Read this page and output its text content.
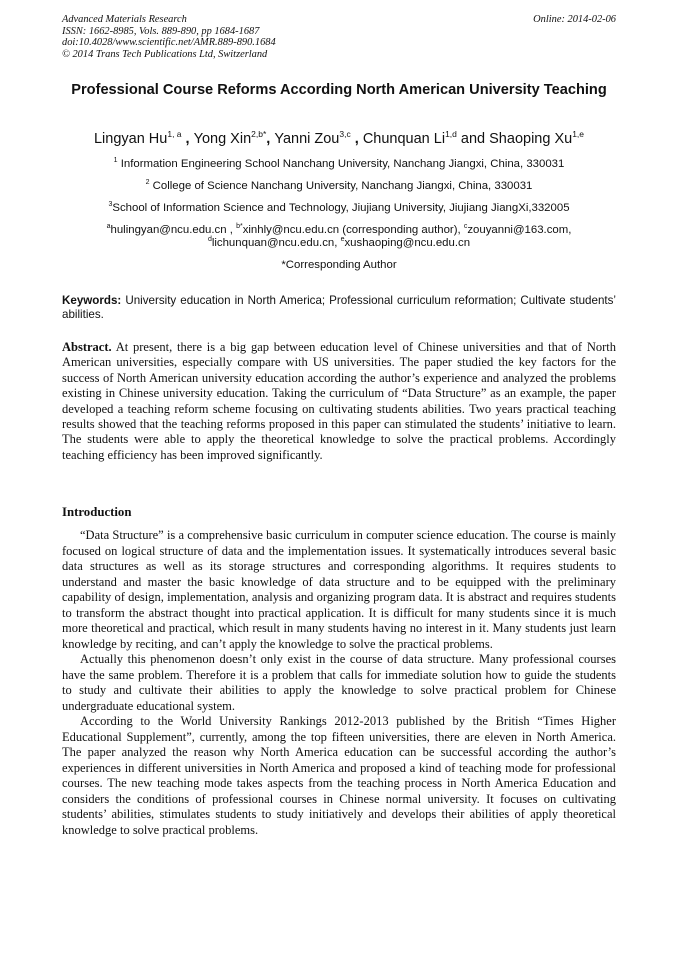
Advanced Materials Research
ISSN: 1662-8985, Vols. 889-890, pp 1684-1687
doi:10.4028/www.scientific.net/AMR.889-890.1684
© 2014 Trans Tech Publications Ltd, Switzerland
Online: 2014-02-06
Professional Course Reforms According North American University Teaching
Lingyan Hu$^{1, a}$ , Yong Xin$^{2,b*}$, Yanni Zou$^{3,c}$ , Chunquan Li$^{1,d}$ and Shaoping Xu$^{1,e}$
$^1$ Information Engineering School Nanchang University, Nanchang Jiangxi, China, 330031
$^2$ College of Science Nanchang University, Nanchang Jiangxi, China, 330031
$^3$School of Information Science and Technology, Jiujiang University, Jiujiang JiangXi,332005
$^a$hulingyan@ncu.edu.cn , $^{b*}$xinhly@ncu.edu.cn (corresponding author), $^c$zouyanni@163.com,
$^d$lichunquan@ncu.edu.cn, $^e$xushaoping@ncu.edu.cn
*Corresponding Author
Keywords: University education in North America; Professional curriculum reformation; Cultivate students’ abilities.
Abstract. At present, there is a big gap between education level of Chinese universities and that of North American universities, especially compare with US universities. The paper studied the key factors for the success of North American university education according the author’s experience and analyzed the problems existing in Chinese university education. Taking the curriculum of “Data Structure” as an example, the paper developed a teaching reform scheme focusing on cultivating students abilities. Two years practical teaching results showed that the teaching reforms proposed in this paper can stimulated the students’ initiative to learn. The students were able to apply the theoretical knowledge to solve the practical problems. Accordingly teaching efficiency has been improved significantly.
Introduction

“Data Structure” is a comprehensive basic curriculum in computer science education. The course is mainly focused on logical structure of data and the implementation issues. It systematically introduces several basic data structures as well as its storage structures and corresponding algorithms. It requires students to understand and master the basic knowledge of data structure and to be equipped with the preliminary capability of design, implementation, analysis and organizing program data. It is abstract and requires students to transform the abstract thought into practical application. It is difficult for many students since it is much more theoretical and practical, which result in many students having no interest in it. Many students just learn knowledge by reciting, and can’t apply the knowledge to solve the practical problems.

Actually this phenomenon doesn’t only exist in the course of data structure. Many professional courses have the same problem. Therefore it is a problem that calls for immediate solution how to guide the students to study and cultivate their abilities to apply the knowledge to solve practical problem for Chinese undergraduate educational system.

According to the World University Rankings 2012-2013 published by the British “Times Higher Educational Supplement”, currently, among the top fifteen universities, there are eleven in North America. The paper analyzed the reason why North America education can be successful according the author’s experiences in different universities in North America and proposed a kind of teaching mode for professional courses. The new teaching mode takes aspects from the teaching process in North America Education and considers the conditions of professional courses in Chinese normal university. It focuses on cultivating students’ abilities, stimulates students to study initiatively and develops their abilities of apply theoretical knowledge to solve practical problems.
